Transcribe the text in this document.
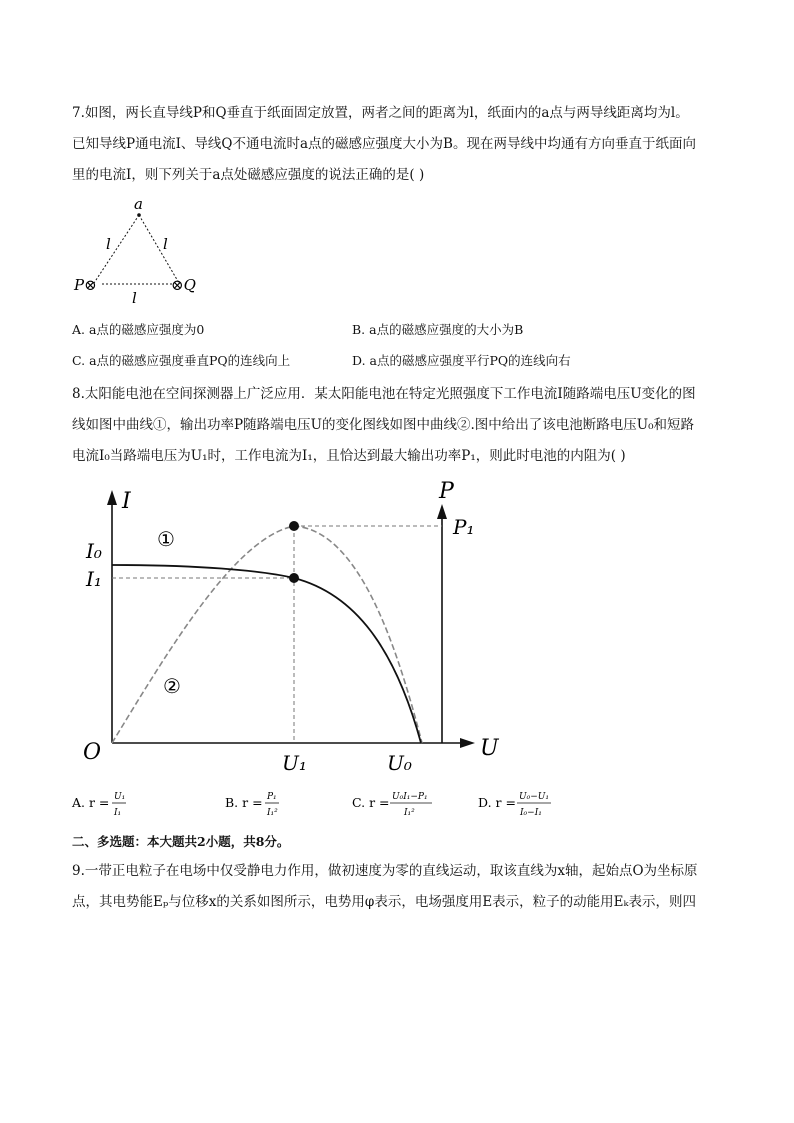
7.如图，两长直导线P和Q垂直于纸面固定放置，两者之间的距离为l，纸面内的a点与两导线距离均为l。
已知导线P通电流I、导线Q不通电流时a点的磁感应强度大小为B。现在两导线中均通有方向垂直于纸面向
里的电流I，则下列关于a点处磁感应强度的说法正确的是( )
a
l	l
l
P⊗	⊗Q
A. a点的磁感应强度为0	B. a点的磁感应强度的大小为B
C. a点的磁感应强度垂直PQ的连线向上	D. a点的磁感应强度平行PQ的连线向右
8.太阳能电池在空间探测器上广泛应用．某太阳能电池在特定光照强度下工作电流I随路端电压U变化的图
线如图中曲线①，输出功率P随路端电压U的变化图线如图中曲线②.图中给出了该电池断路电压U₀和短路
电流I₀当路端电压为U₁时，工作电流为I₁，且恰达到最大输出功率P₁，则此时电池的内阻为( )
I	P
U
O
I₀
I₁
P₁
U₁	U₀
①
②
A. r = U₁
I₁
B. r = P₁
I₁²
C. r = U₀I₁−P₁
I₁²
D. r = U₀−U₁
I₀−I₁
二、多选题：本大题共2小题，共8分。
9.一带正电粒子在电场中仅受静电力作用，做初速度为零的直线运动，取该直线为x轴，起始点O为坐标原
点，其电势能Eₚ与位移x的关系如图所示，电势用φ表示，电场强度用E表示，粒子的动能用Eₖ表示，则四
